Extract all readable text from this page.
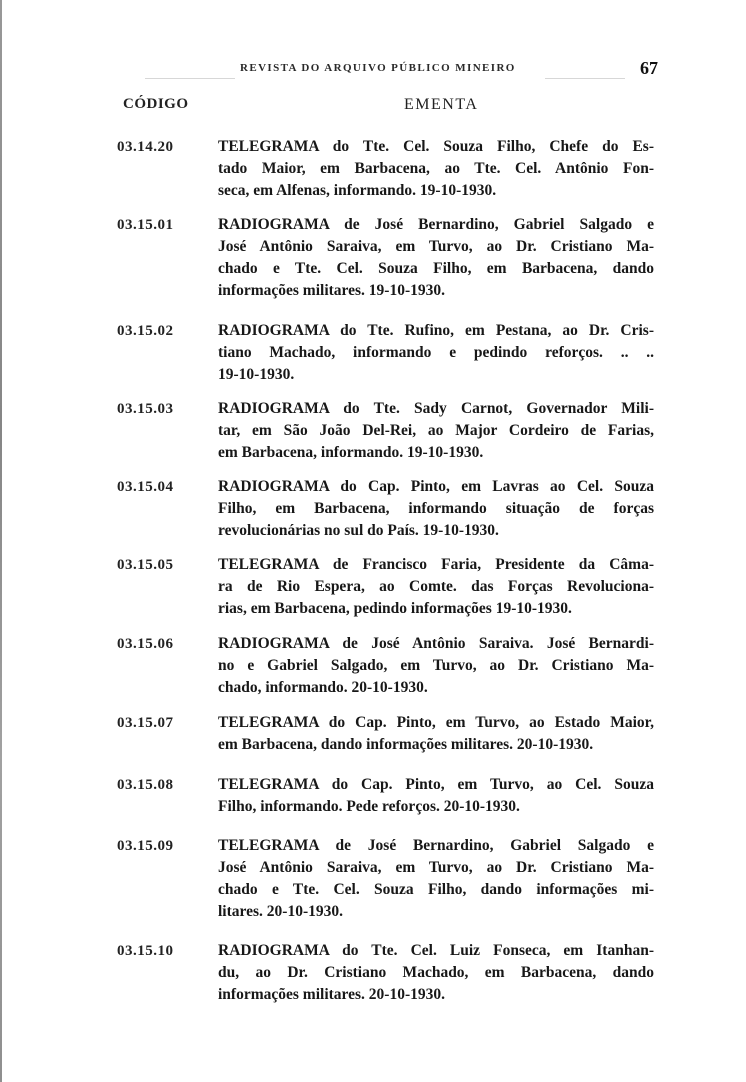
REVISTA DO ARQUIVO PÚBLICO MINEIRO	67
CÓDIGO	EMENTA
03.14.20	TELEGRAMA do Tte. Cel. Souza Filho, Chefe do Es-
tado Maior, em Barbacena, ao Tte. Cel. Antônio Fon-
seca, em Alfenas, informando. 19-10-1930.
03.15.01	RADIOGRAMA de José Bernardino, Gabriel Salgado e
José Antônio Saraiva, em Turvo, ao Dr. Cristiano Ma-
chado e Tte. Cel. Souza Filho, em Barbacena, dando
informações militares. 19-10-1930.
03.15.02	RADIOGRAMA do Tte. Rufino, em Pestana, ao Dr. Cris-
tiano Machado, informando e pedindo reforços. .. ..
19-10-1930.
03.15.03	RADIOGRAMA do Tte. Sady Carnot, Governador Mili-
tar, em São João Del-Rei, ao Major Cordeiro de Farias,
em Barbacena, informando. 19-10-1930.
03.15.04	RADIOGRAMA do Cap. Pinto, em Lavras ao Cel. Souza
Filho, em Barbacena, informando situação de forças
revolucionárias no sul do País. 19-10-1930.
03.15.05	TELEGRAMA de Francisco Faria, Presidente da Câma-
ra de Rio Espera, ao Comte. das Forças Revoluciona-
rias, em Barbacena, pedindo informações 19-10-1930.
03.15.06	RADIOGRAMA de José Antônio Saraiva. José Bernardi-
no e Gabriel Salgado, em Turvo, ao Dr. Cristiano Ma-
chado, informando. 20-10-1930.
03.15.07	TELEGRAMA do Cap. Pinto, em Turvo, ao Estado Maior,
em Barbacena, dando informações militares. 20-10-1930.
03.15.08	TELEGRAMA do Cap. Pinto, em Turvo, ao Cel. Souza
Filho, informando. Pede reforços. 20-10-1930.
03.15.09	TELEGRAMA de José Bernardino, Gabriel Salgado e
José Antônio Saraiva, em Turvo, ao Dr. Cristiano Ma-
chado e Tte. Cel. Souza Filho, dando informações mi-
litares. 20-10-1930.
03.15.10	RADIOGRAMA do Tte. Cel. Luiz Fonseca, em Itanhan-
du, ao Dr. Cristiano Machado, em Barbacena, dando
informações militares. 20-10-1930.
